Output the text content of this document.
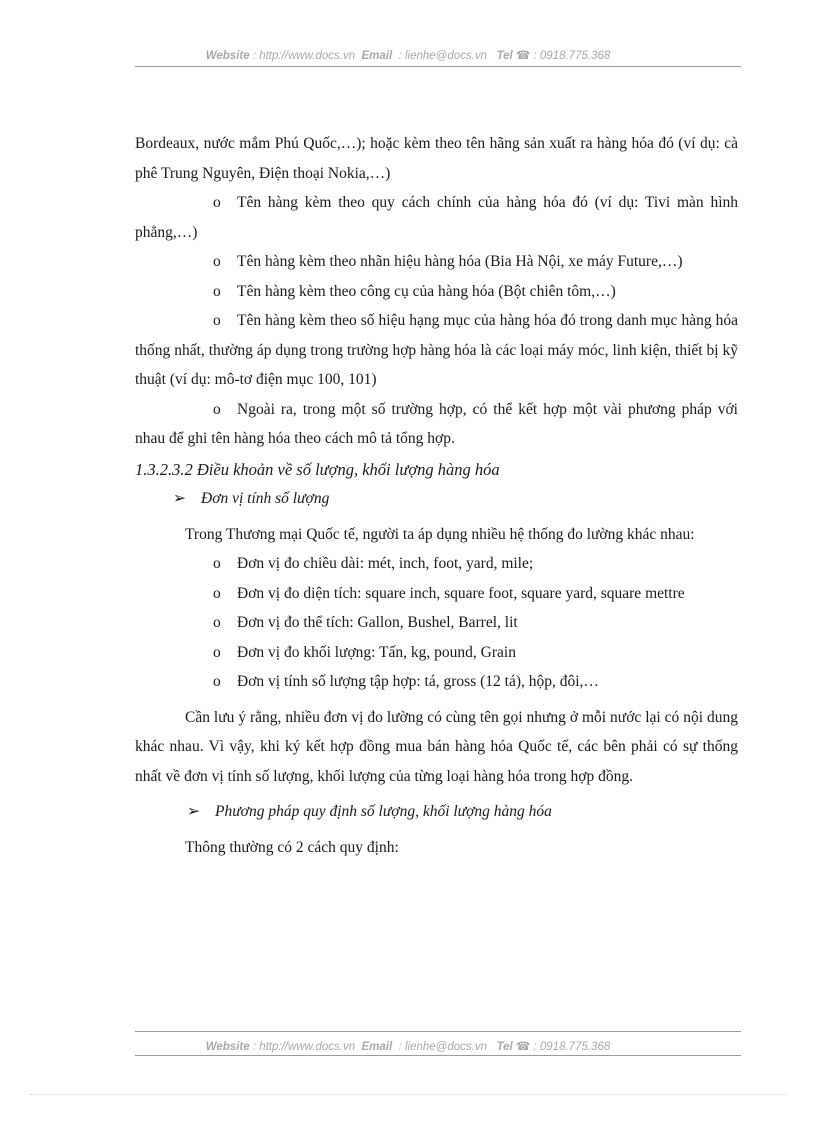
Website : http://www.docs.vn Email  : lienhe@docs.vn Tel ☎ : 0918.775.368

Bordeaux, nước mắm Phú Quốc,…); hoặc kèm theo tên hãng sản xuất ra hàng hóa đó (ví dụ: cà phê Trung Nguyên, Điện thoại Nokia,…)

o Tên hàng kèm theo quy cách chính của hàng hóa đó (ví dụ: Tivi màn hình phẳng,…)

o Tên hàng kèm theo nhãn hiệu hàng hóa (Bia Hà Nội, xe máy Future,…)

o Tên hàng kèm theo công cụ của hàng hóa (Bột chiên tôm,…)

o Tên hàng kèm theo số hiệu hạng mục của hàng hóa đó trong danh mục hàng hóa thống nhất, thường áp dụng trong trường hợp hàng hóa là các loại máy móc, linh kiện, thiết bị kỹ thuật (ví dụ: mô-tơ điện mục 100, 101)

o Ngoài ra, trong một số trường hợp, có thể kết hợp một vài phương pháp với nhau để ghi tên hàng hóa theo cách mô tả tổng hợp.

1.3.2.3.2 Điều khoản về số lượng, khối lượng hàng hóa

➢ Đơn vị tính số lượng

Trong Thương mại Quốc tế, người ta áp dụng nhiều hệ thống đo lường khác nhau:

o Đơn vị đo chiều dài: mét, inch, foot, yard, mile;

o Đơn vị đo diện tích: square inch, square foot, square yard, square mettre

o Đơn vị đo thể tích: Gallon, Bushel, Barrel, lit

o Đơn vị đo khối lượng: Tấn, kg, pound, Grain

o Đơn vị tính số lượng tập hợp: tá, gross (12 tá), hộp, đôi,…

Cần lưu ý rằng, nhiều đơn vị đo lường có cùng tên gọi nhưng ở mỗi nước lại có nội dung khác nhau. Vì vậy, khi ký kết hợp đồng mua bán hàng hóa Quốc tế, các bên phải có sự thống nhất về đơn vị tính số lượng, khối lượng của từng loại hàng hóa trong hợp đồng.

➢ Phương pháp quy định số lượng, khối lượng hàng hóa

Thông thường có 2 cách quy định:

Website : http://www.docs.vn Email  : lienhe@docs.vn Tel ☎ : 0918.775.368
